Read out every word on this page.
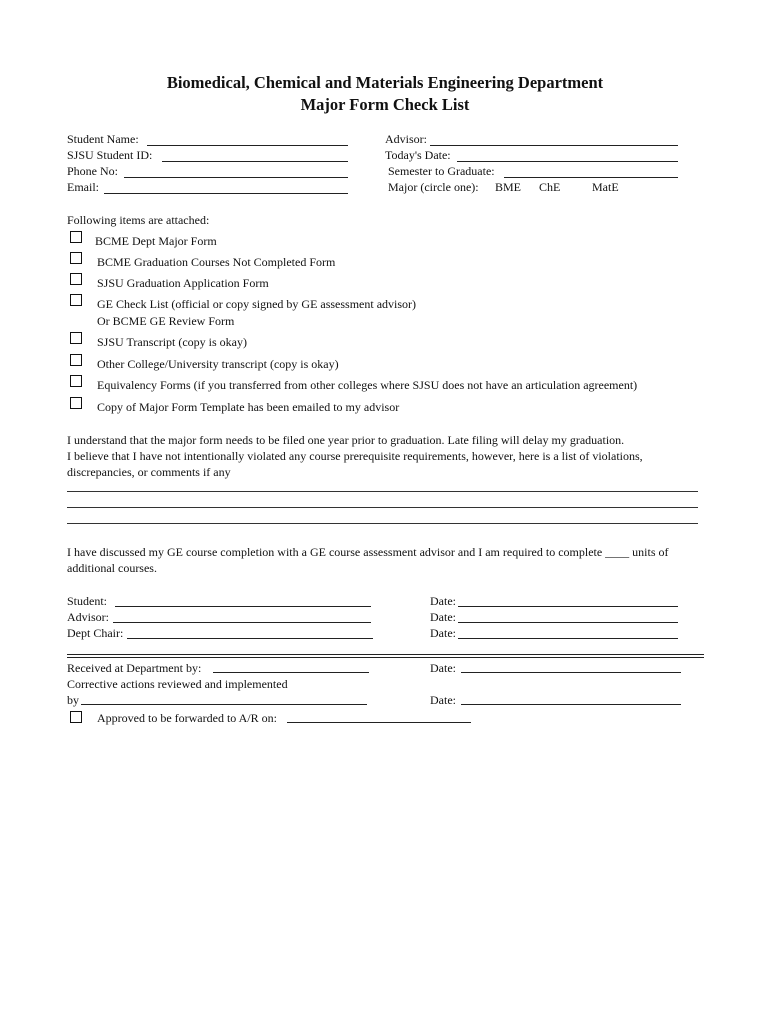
Biomedical, Chemical and Materials Engineering Department
Major Form Check List
Student Name:
SJSU Student ID:
Phone No:
Email:
Advisor:
Today's Date:
Semester to Graduate:
Major (circle one): BME ChE	MatE
Following items are attached:
BCME Dept Major Form
BCME Graduation Courses Not Completed Form
SJSU Graduation Application Form
GE Check List (official or copy signed by GE assessment advisor)
Or BCME GE Review Form
SJSU Transcript (copy is okay)
Other College/University transcript (copy is okay)
Equivalency Forms (if you transferred from other colleges where SJSU does not have an articulation agreement)
Copy of Major Form Template has been emailed to my advisor
I understand that the major form needs to be filed one year prior to graduation. Late filing will delay my graduation.
I believe that I have not intentionally violated any course prerequisite requirements, however, here is a list of violations,
discrepancies, or comments if any
I have discussed my GE course completion with a GE course assessment advisor and I am required to complete ____ units of
additional courses.
Student:	Date:
Advisor:	Date:
Dept Chair:	Date:
Received at Department by:	Date:
Corrective actions reviewed and implemented
by	Date:
Approved to be forwarded to A/R on:
